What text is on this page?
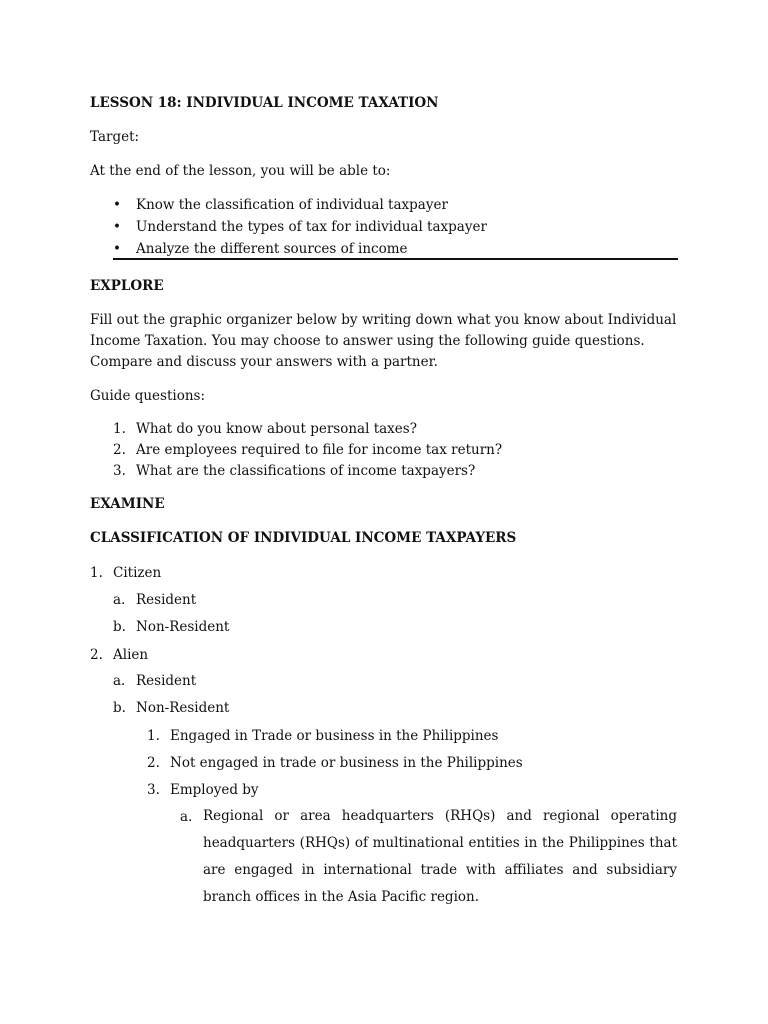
LESSON 18: INDIVIDUAL INCOME TAXATION
Target:
At the end of the lesson, you will be able to:
• Know the classification of individual taxpayer
• Understand the types of tax for individual taxpayer
• Analyze the different sources of income
EXPLORE
Fill out the graphic organizer below by writing down what you know about Individual Income Taxation. You may choose to answer using the following guide questions. Compare and discuss your answers with a partner.
Guide questions:
1. What do you know about personal taxes?
2. Are employees required to file for income tax return?
3. What are the classifications of income taxpayers?
EXAMINE
CLASSIFICATION OF INDIVIDUAL INCOME TAXPAYERS
1. Citizen
a. Resident
b. Non-Resident
2. Alien
a. Resident
b. Non-Resident
1. Engaged in Trade or business in the Philippines
2. Not engaged in trade or business in the Philippines
3. Employed by
a. Regional or area headquarters (RHQs) and regional operating headquarters (RHQs) of multinational entities in the Philippines that are engaged in international trade with affiliates and subsidiary branch offices in the Asia Pacific region.
